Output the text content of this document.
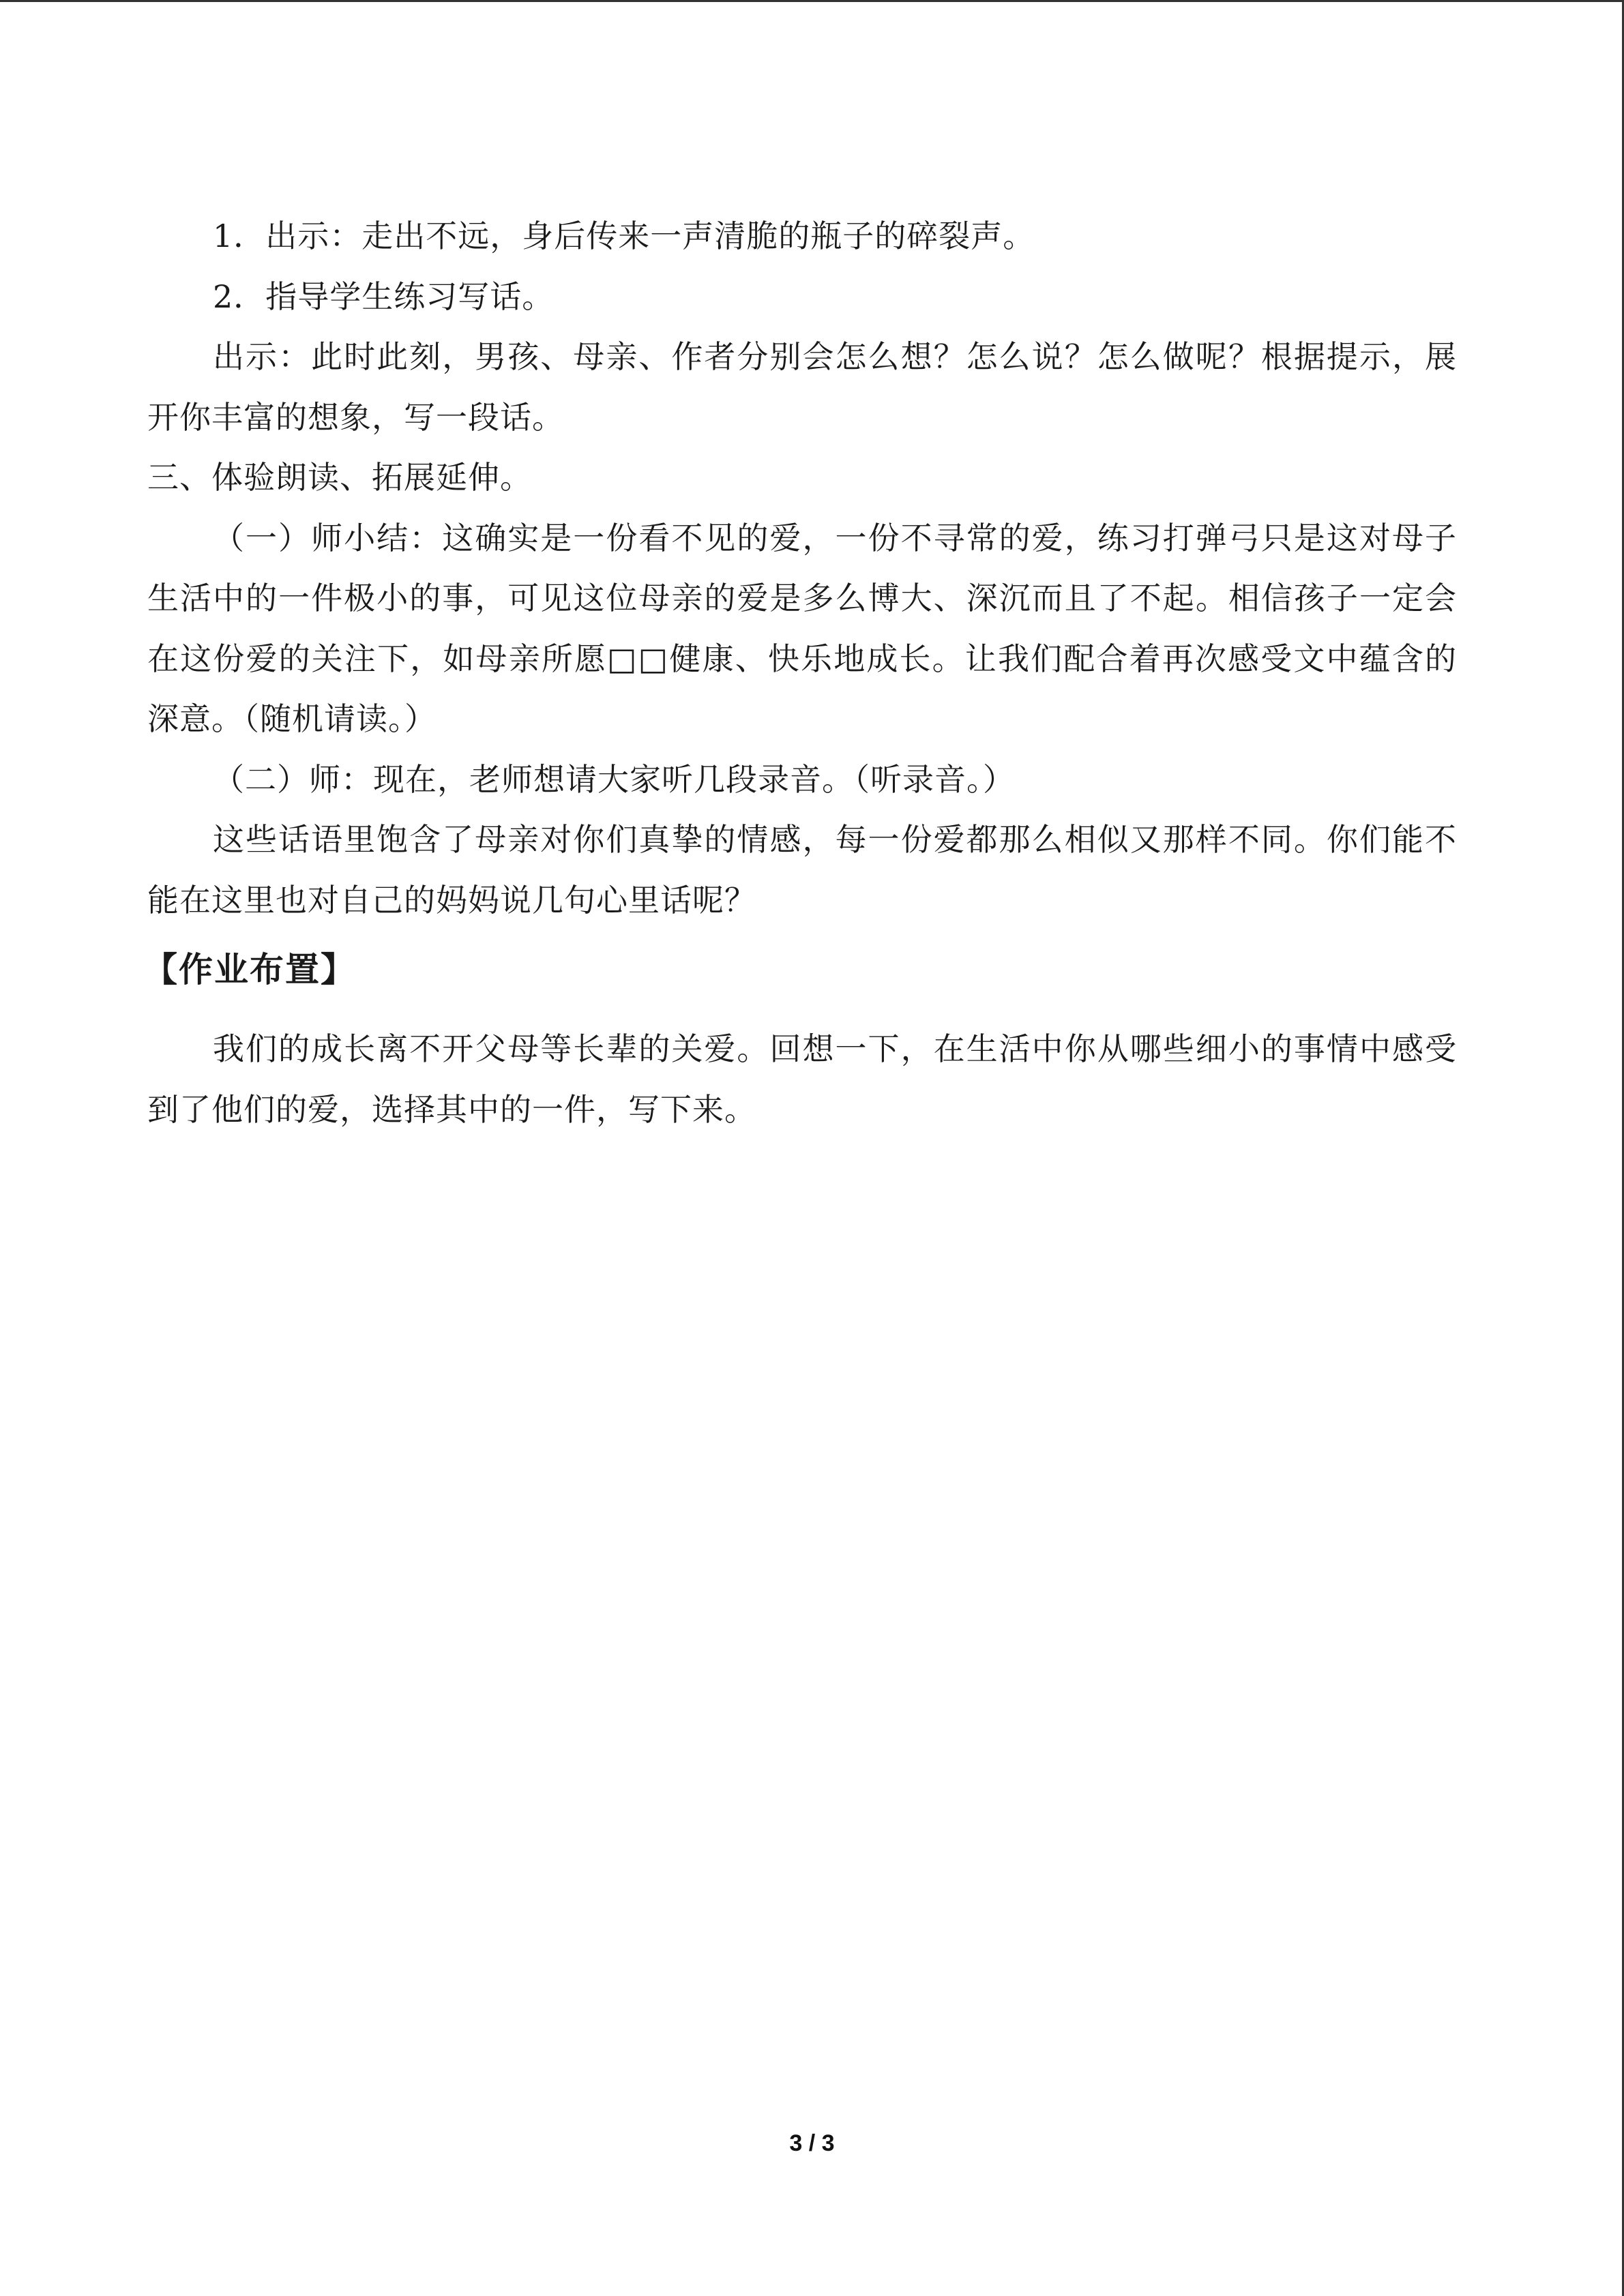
1．出示：走出不远，身后传来一声清脆的瓶子的碎裂声。

2．指导学生练习写话。

出示：此时此刻，男孩、母亲、作者分别会怎么想？怎么说？怎么做呢？根据提示，展开你丰富的想象，写一段话。

三、体验朗读、拓展延伸。

（一）师小结：这确实是一份看不见的爱，一份不寻常的爱，练习打弹弓只是这对母子生活中的一件极小的事，可见这位母亲的爱是多么博大、深沉而且了不起。相信孩子一定会在这份爱的关注下，如母亲所愿□□健康、快乐地成长。让我们配合着再次感受文中蕴含的深意。（随机请读。）

（二）师：现在，老师想请大家听几段录音。（听录音。）

这些话语里饱含了母亲对你们真挚的情感，每一份爱都那么相似又那样不同。你们能不能在这里也对自己的妈妈说几句心里话呢？

【作业布置】

我们的成长离不开父母等长辈的关爱。回想一下，在生活中你从哪些细小的事情中感受到了他们的爱，选择其中的一件，写下来。

3 / 3
